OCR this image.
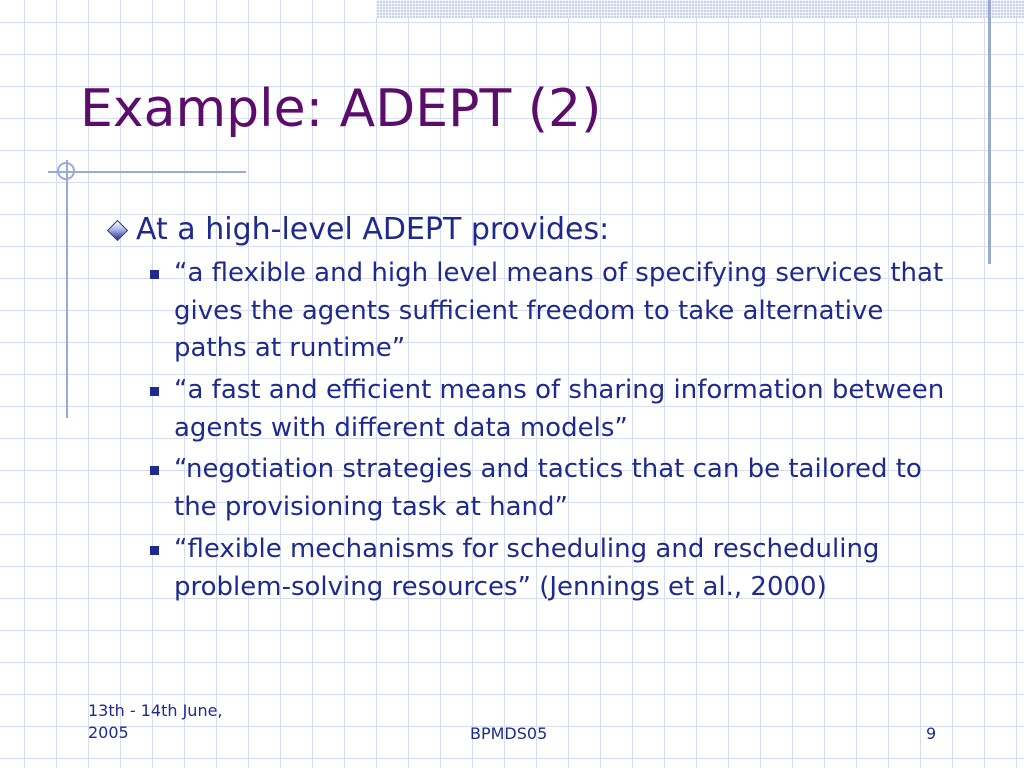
Example: ADEPT (2)
At a high-level ADEPT provides:
“a flexible and high level means of specifying services that gives the agents sufficient freedom to take alternative paths at runtime”
“a fast and efficient means of sharing information between agents with different data models”
“negotiation strategies and tactics that can be tailored to the provisioning task at hand”
“flexible mechanisms for scheduling and rescheduling problem-solving resources” (Jennings et al., 2000)
13th - 14th June, 2005	BPMDS05	9
